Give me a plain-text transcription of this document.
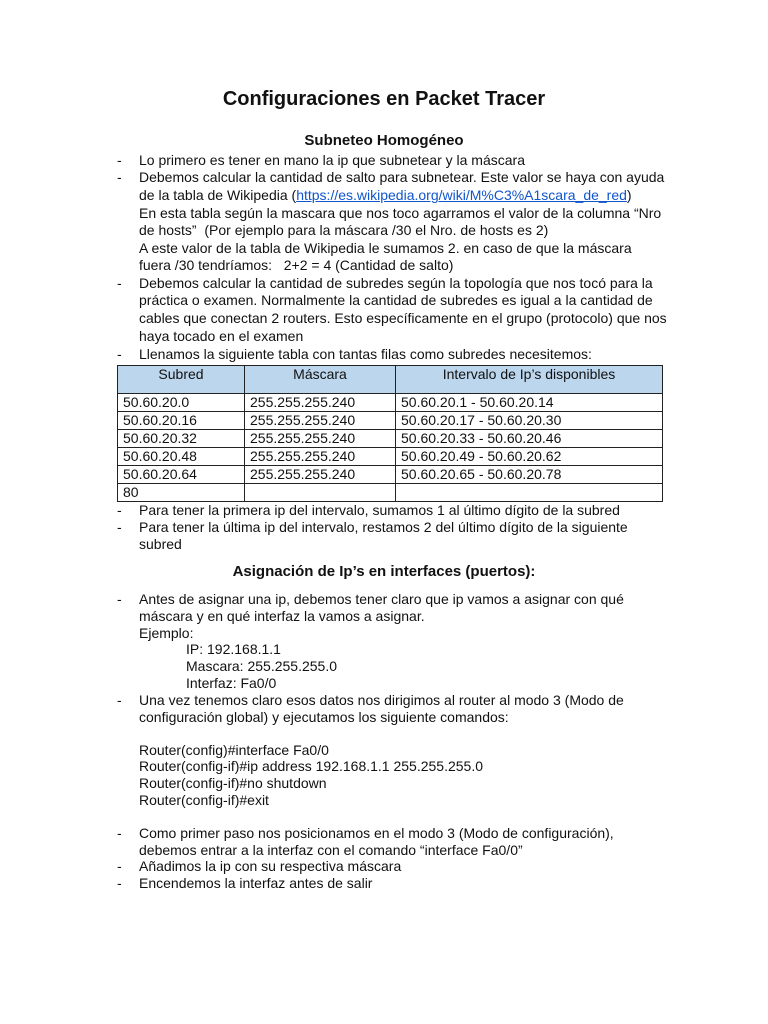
Configuraciones en Packet Tracer
Subneteo Homogéneo
- Lo primero es tener en mano la ip que subnetear y la máscara
- Debemos calcular la cantidad de salto para subnetear. Este valor se haya con ayuda
de la tabla de Wikipedia (https://es.wikipedia.org/wiki/M%C3%A1scara_de_red)
En esta tabla según la mascara que nos toco agarramos el valor de la columna “Nro
de hosts”  (Por ejemplo para la máscara /30 el Nro. de hosts es 2)
A este valor de la tabla de Wikipedia le sumamos 2. en caso de que la máscara
fuera /30 tendríamos:   2+2 = 4 (Cantidad de salto)
- Debemos calcular la cantidad de subredes según la topología que nos tocó para la
práctica o examen. Normalmente la cantidad de subredes es igual a la cantidad de
cables que conectan 2 routers. Esto específicamente en el grupo (protocolo) que nos
haya tocado en el examen
- Llenamos la siguiente tabla con tantas filas como subredes necesitemos:
Subred	Máscara	Intervalo de Ip’s disponibles
50.60.20.0	255.255.255.240	50.60.20.1 - 50.60.20.14
50.60.20.16	255.255.255.240	50.60.20.17 - 50.60.20.30
50.60.20.32	255.255.255.240	50.60.20.33 - 50.60.20.46
50.60.20.48	255.255.255.240	50.60.20.49 - 50.60.20.62
50.60.20.64	255.255.255.240	50.60.20.65 - 50.60.20.78
80		
- Para tener la primera ip del intervalo, sumamos 1 al último dígito de la subred
- Para tener la última ip del intervalo, restamos 2 del último dígito de la siguiente
subred
Asignación de Ip’s en interfaces (puertos):
- Antes de asignar una ip, debemos tener claro que ip vamos a asignar con qué
máscara y en qué interfaz la vamos a asignar.
Ejemplo:
IP: 192.168.1.1
Mascara: 255.255.255.0
Interfaz: Fa0/0
- Una vez tenemos claro esos datos nos dirigimos al router al modo 3 (Modo de
configuración global) y ejecutamos los siguiente comandos:
Router(config)#interface Fa0/0
Router(config-if)#ip address 192.168.1.1 255.255.255.0
Router(config-if)#no shutdown
Router(config-if)#exit
- Como primer paso nos posicionamos en el modo 3 (Modo de configuración),
debemos entrar a la interfaz con el comando “interface Fa0/0”
- Añadimos la ip con su respectiva máscara
- Encendemos la interfaz antes de salir
